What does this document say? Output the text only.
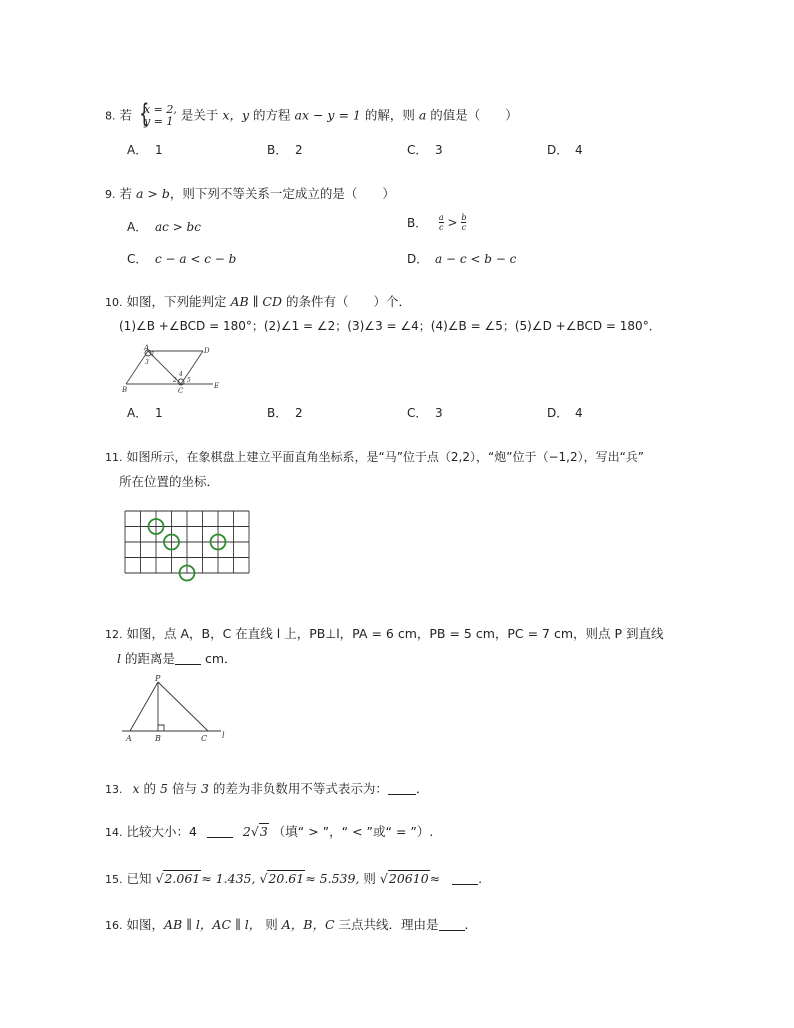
8. 若
{ x = 2,
y = 1 是关于 x，y 的方程 ax − y = 1 的解，则 a 的值是（　　）
A． 1	B． 2	C． 3	D． 4
9. 若 a > b，则下列不等关系一定成立的是（　　）
A． ac > bc	B． $\frac{a}{c} > \frac{b}{c}$
C． c − a < c − b	D． a − c < b − c
10. 如图，下列能判定 AB ∥ CD 的条件有（　　）个．
(1)∠B +∠BCD = 180°；(2)∠1 = ∠2；(3)∠3 = ∠4；(4)∠B = ∠5；(5)∠D +∠BCD = 180°．
A	D
B	C
E
1
3
2
4
5
A． 1	B． 2	C． 3	D． 4
11. 如图所示，在象棋盘上建立平面直角坐标系，是“马”位于点（2,2），“炮”位于（−1,2），写出“兵”
所在位置的坐标．
12. 如图，点 A，B，C 在直线 l 上，PB⊥l，PA = 6 cm，PB = 5 cm，PC = 7 cm，则点 P 到直线
l 的距离是 cm．
P
A	B	C l
13. x 的 5 倍与 3 的差为非负数用不等式表示为： ．
14. 比较大小：4	2√3 （填“ > ”，“ < ”或“ = ”）.
15. 已知 √2.061≈ 1.435, √20.61≈ 5.539, 则 √20610≈	.
16. 如图，AB ∥ l，AC ∥ l， 则 A，B，C 三点共线．理由是 .
